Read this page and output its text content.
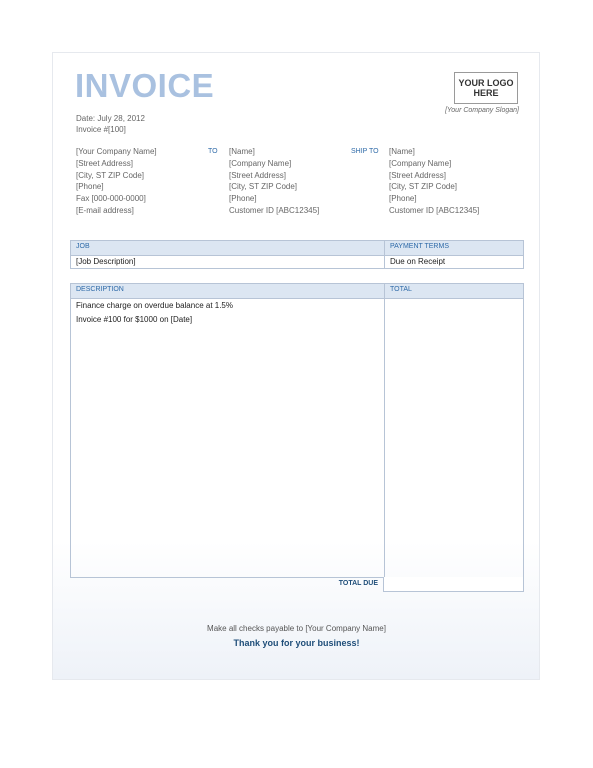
INVOICE
Date: July 28, 2012
Invoice #[100]
YOUR LOGO HERE
[Your Company Slogan]
[Your Company Name]
[Street Address]
[City, ST ZIP Code]
[Phone]
Fax [000-000-0000]
[E-mail address]
TO [Name]
[Company Name]
[Street Address]
[City, ST ZIP Code]
[Phone]
Customer ID [ABC12345]
SHIP TO [Name]
[Company Name]
[Street Address]
[City, ST ZIP Code]
[Phone]
Customer ID [ABC12345]
JOB	PAYMENT TERMS
[Job Description]	Due on Receipt
DESCRIPTION	TOTAL
Finance charge on overdue balance at 1.5%
Invoice #100 for $1000 on [Date]
TOTAL DUE
Make all checks payable to [Your Company Name]
Thank you for your business!
